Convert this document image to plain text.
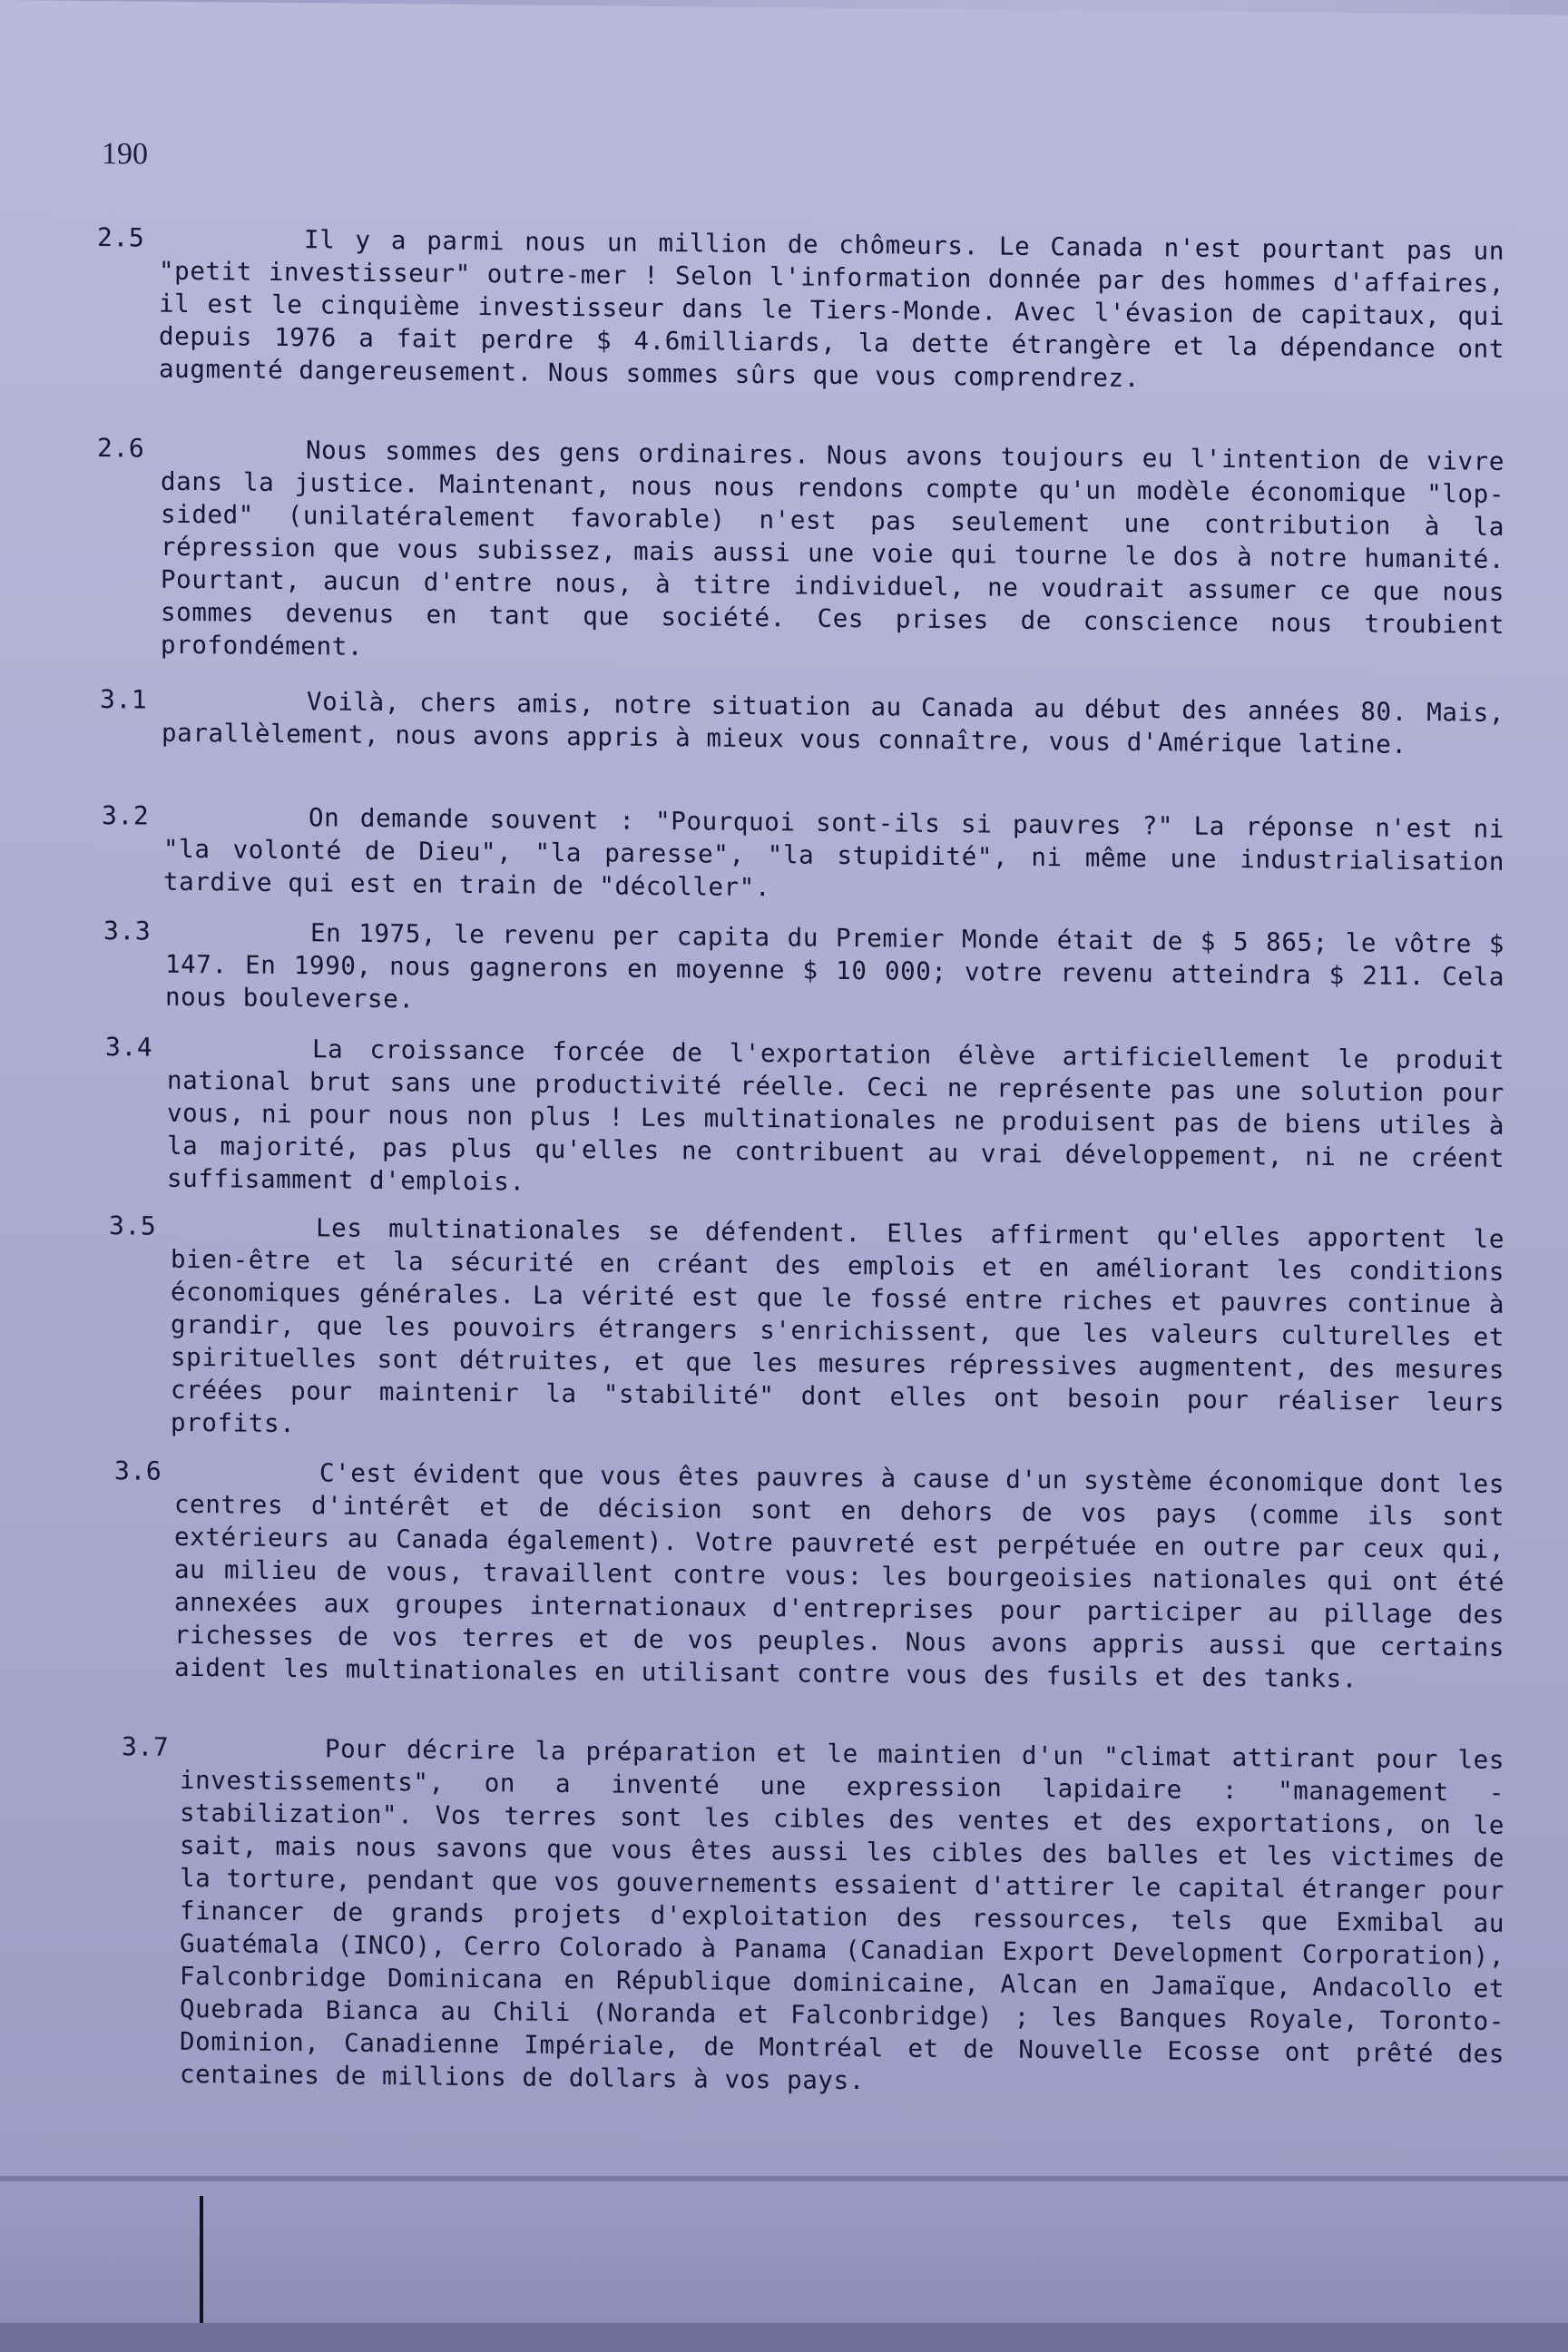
190
2.5	Il y a parmi nous un million de chômeurs. Le Canada n'est pourtant pas un "petit investisseur" outre-mer ! Selon l'information donnée par des hommes d'affaires, il est le cinquième investisseur dans le Tiers-Monde. Avec l'évasion de capitaux, qui depuis 1976 a fait perdre $ 4.6milliards, la dette étrangère et la dépendance ont augmenté dangereusement. Nous sommes sûrs que vous comprendrez.
2.6	Nous sommes des gens ordinaires. Nous avons toujours eu l'intention de vivre dans la justice. Maintenant, nous nous rendons compte qu'un modèle économique "lop-sided" (unilatéralement favorable) n'est pas seulement une contribution à la répression que vous subissez, mais aussi une voie qui tourne le dos à notre humanité. Pourtant, aucun d'entre nous, à titre individuel, ne voudrait assumer ce que nous sommes devenus en tant que société. Ces prises de conscience nous troubient profondément.
3.1	Voilà, chers amis, notre situation au Canada au début des années 80. Mais, parallèlement, nous avons appris à mieux vous connaître, vous d'Amérique latine.
3.2	On demande souvent : "Pourquoi sont-ils si pauvres ?" La réponse n'est ni "la volonté de Dieu", "la paresse", "la stupidité", ni même une industrialisation tardive qui est en train de "décoller".
3.3	En 1975, le revenu per capita du Premier Monde était de $ 5 865; le vôtre $ 147. En 1990, nous gagnerons en moyenne $ 10 000; votre revenu atteindra $ 211. Cela nous bouleverse.
3.4	La croissance forcée de l'exportation élève artificiellement le produit national brut sans une productivité réelle. Ceci ne représente pas une solution pour vous, ni pour nous non plus ! Les multinationales ne produisent pas de biens utiles à la majorité, pas plus qu'elles ne contribuent au vrai développement, ni ne créent suffisamment d'emplois.
3.5	Les multinationales se défendent. Elles affirment qu'elles apportent le bien-être et la sécurité en créant des emplois et en améliorant les conditions économiques générales. La vérité est que le fossé entre riches et pauvres continue à grandir, que les pouvoirs étrangers s'enrichissent, que les valeurs culturelles et spirituelles sont détruites, et que les mesures répressives augmentent, des mesures créées pour maintenir la "stabilité" dont elles ont besoin pour réaliser leurs profits.
3.6	C'est évident que vous êtes pauvres à cause d'un système économique dont les centres d'intérêt et de décision sont en dehors de vos pays (comme ils sont extérieurs au Canada également). Votre pauvreté est perpétuée en outre par ceux qui, au milieu de vous, travaillent contre vous: les bourgeoisies nationales qui ont été annexées aux groupes internationaux d'entreprises pour participer au pillage des richesses de vos terres et de vos peuples. Nous avons appris aussi que certains aident les multinationales en utilisant contre vous des fusils et des tanks.
3.7	Pour décrire la préparation et le maintien d'un "climat attirant pour les investissements", on a inventé une expression lapidaire : "management - stabilization". Vos terres sont les cibles des ventes et des exportations, on le sait, mais nous savons que vous êtes aussi les cibles des balles et les victimes de la torture, pendant que vos gouvernements essaient d'attirer le capital étranger pour financer de grands projets d'exploitation des ressources, tels que Exmibal au Guatémala (INCO), Cerro Colorado à Panama (Canadian Export Development Corporation), Falconbridge Dominicana en République dominicaine, Alcan en Jamaïque, Andacollo et Quebrada Bianca au Chili (Noranda et Falconbridge) ; les Banques Royale, Toronto-Dominion, Canadienne Impériale, de Montréal et de Nouvelle Ecosse ont prêté des centaines de millions de dollars à vos pays.
